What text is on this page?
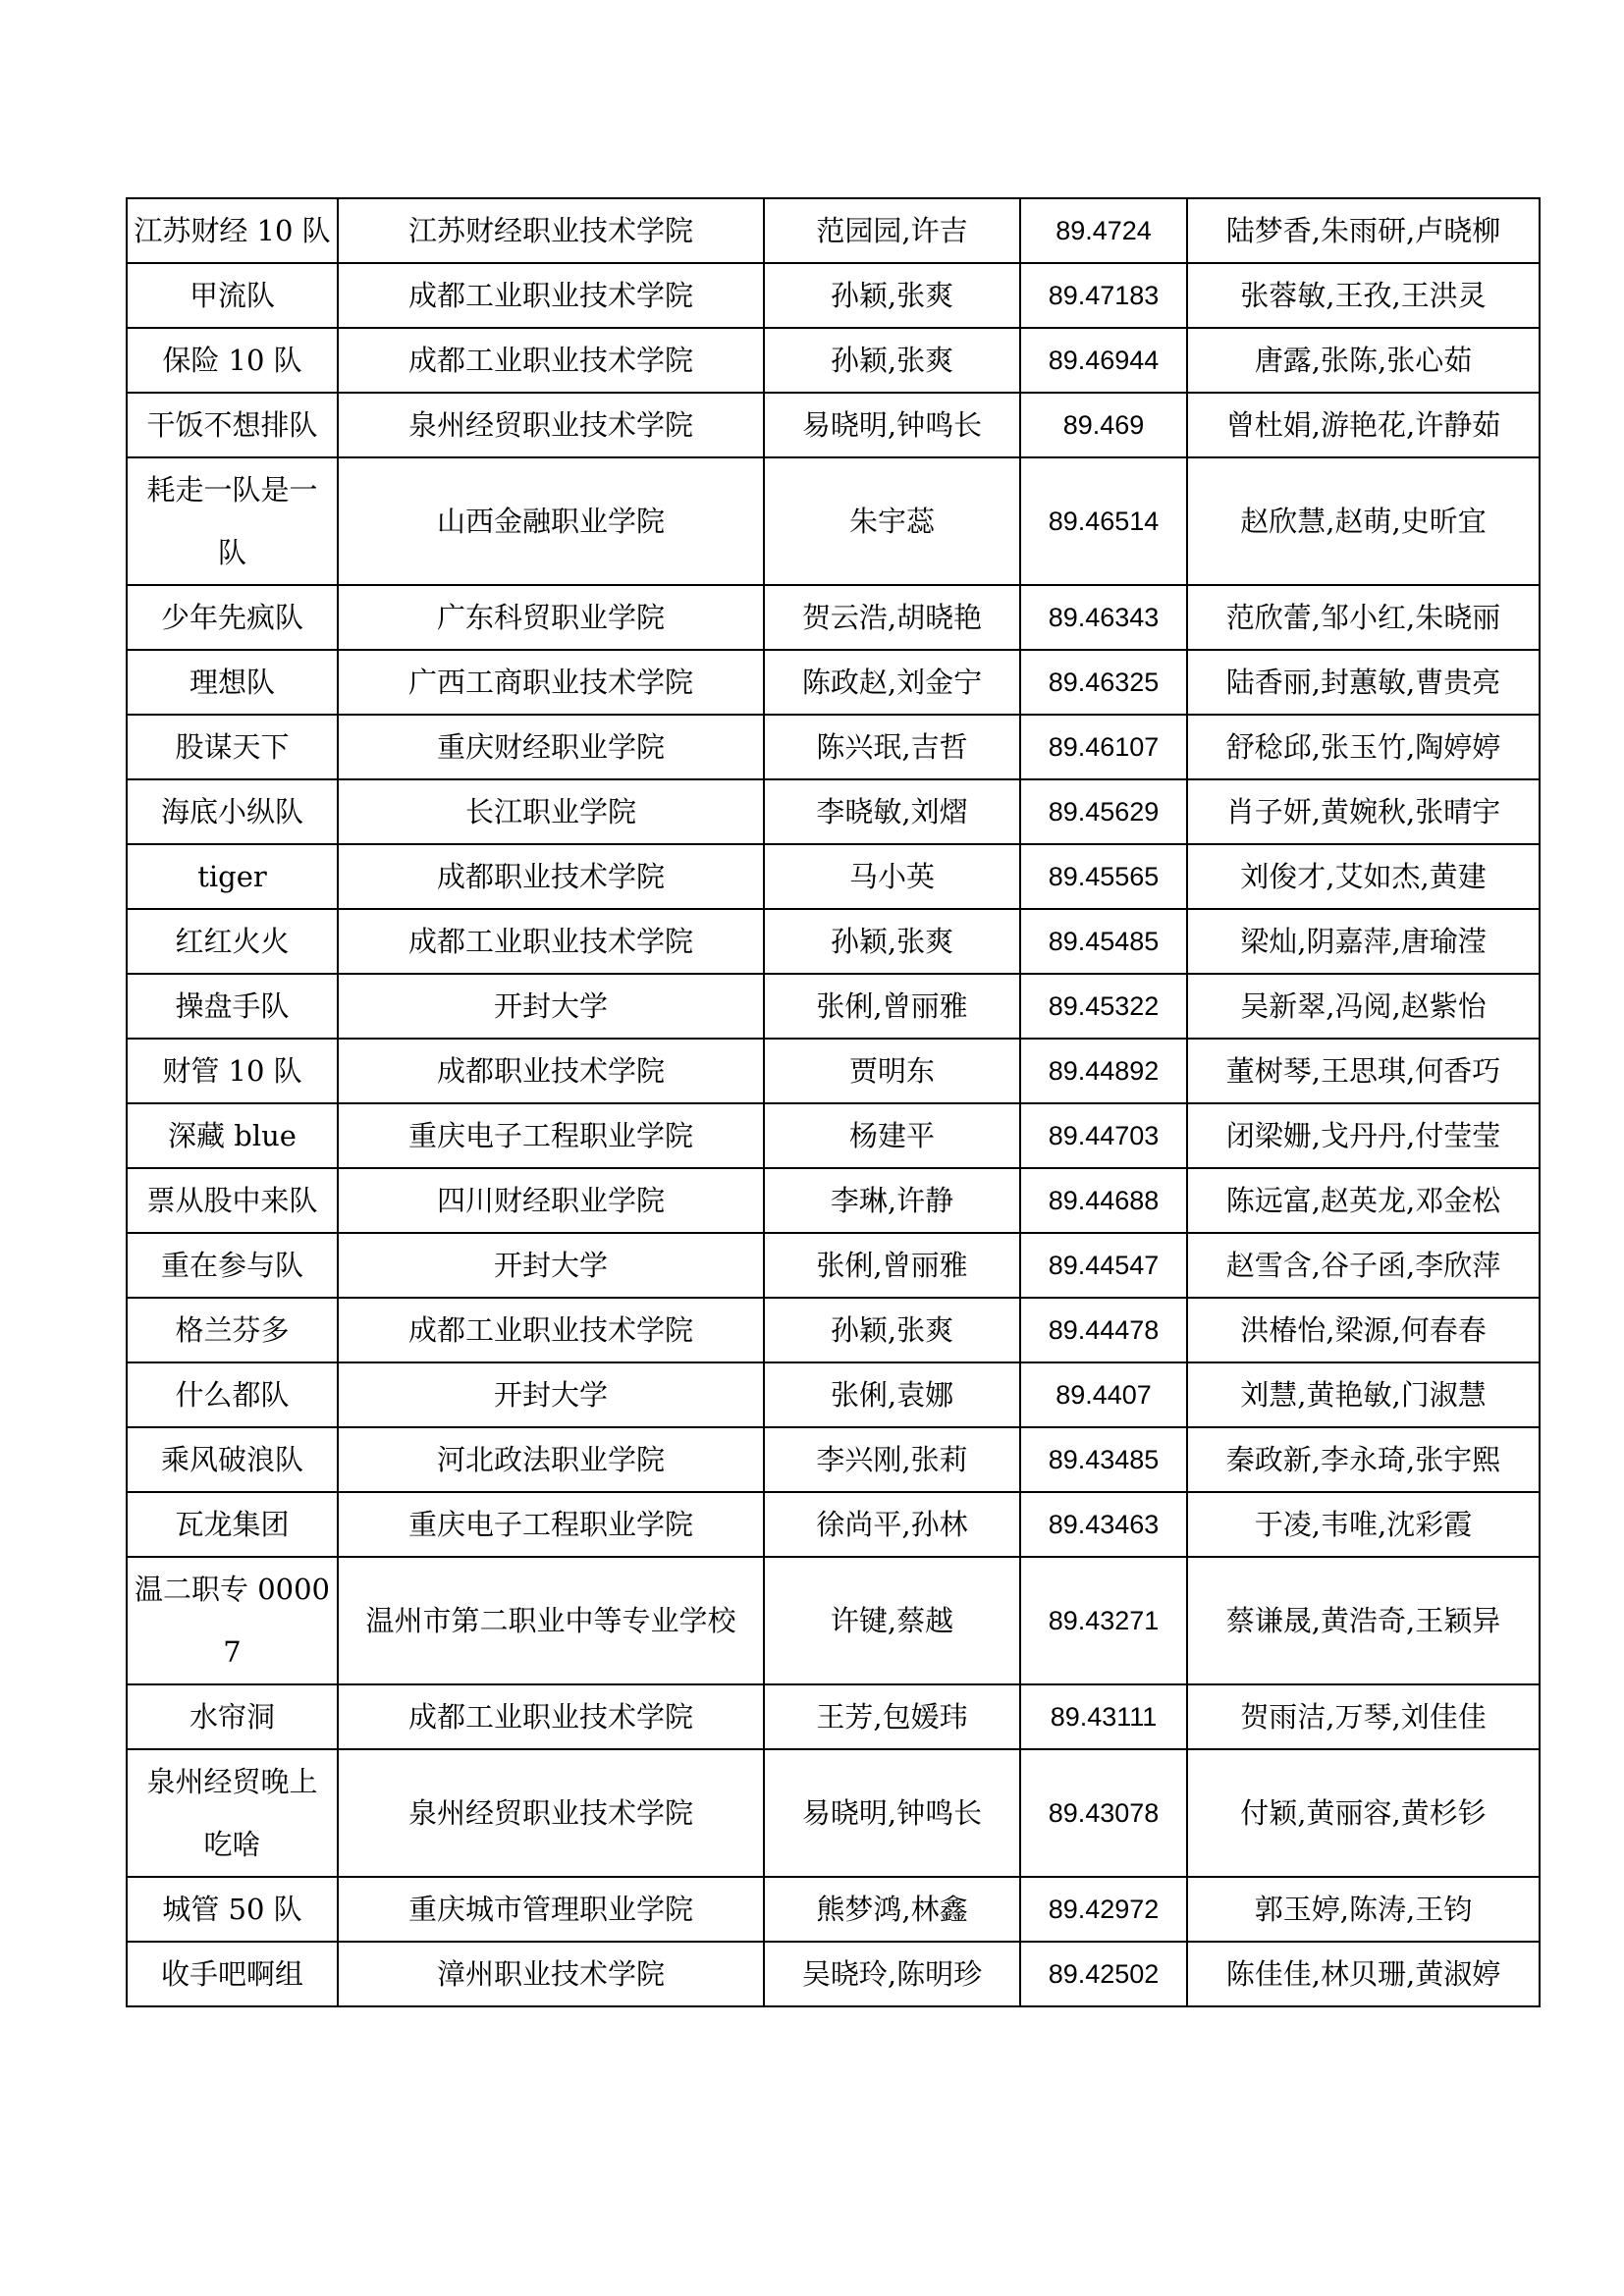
江苏财经 10 队	江苏财经职业技术学院	范园园,许吉	89.4724	陆梦香,朱雨研,卢晓柳
甲流队	成都工业职业技术学院	孙颖,张爽	89.47183	张蓉敏,王孜,王洪灵
保险 10 队	成都工业职业技术学院	孙颖,张爽	89.46944	唐露,张陈,张心茹
干饭不想排队	泉州经贸职业技术学院	易晓明,钟鸣长	89.469	曾杜娟,游艳花,许静茹
耗走一队是一队	山西金融职业学院	朱宇蕊	89.46514	赵欣慧,赵萌,史昕宜
少年先疯队	广东科贸职业学院	贺云浩,胡晓艳	89.46343	范欣蕾,邹小红,朱晓丽
理想队	广西工商职业技术学院	陈政赵,刘金宁	89.46325	陆香丽,封蕙敏,曹贵亮
股谋天下	重庆财经职业学院	陈兴珉,吉哲	89.46107	舒稔邱,张玉竹,陶婷婷
海底小纵队	长江职业学院	李晓敏,刘熠	89.45629	肖子妍,黄婉秋,张晴宇
tiger	成都职业技术学院	马小英	89.45565	刘俊才,艾如杰,黄建
红红火火	成都工业职业技术学院	孙颖,张爽	89.45485	梁灿,阴嘉萍,唐瑜滢
操盘手队	开封大学	张俐,曾丽雅	89.45322	吴新翠,冯阅,赵紫怡
财管 10 队	成都职业技术学院	贾明东	89.44892	董树琴,王思琪,何香巧
深藏 blue	重庆电子工程职业学院	杨建平	89.44703	闭梁姗,戈丹丹,付莹莹
票从股中来队	四川财经职业学院	李琳,许静	89.44688	陈远富,赵英龙,邓金松
重在参与队	开封大学	张俐,曾丽雅	89.44547	赵雪含,谷子函,李欣萍
格兰芬多	成都工业职业技术学院	孙颖,张爽	89.44478	洪椿怡,梁源,何春春
什么都队	开封大学	张俐,袁娜	89.4407	刘慧,黄艳敏,门淑慧
乘风破浪队	河北政法职业学院	李兴刚,张莉	89.43485	秦政新,李永琦,张宇熙
瓦龙集团	重庆电子工程职业学院	徐尚平,孙林	89.43463	于凌,韦唯,沈彩霞
温二职专 00007	温州市第二职业中等专业学校	许键,蔡越	89.43271	蔡谦晟,黄浩奇,王颖异
水帘洞	成都工业职业技术学院	王芳,包媛玮	89.43111	贺雨洁,万琴,刘佳佳
泉州经贸晚上吃啥	泉州经贸职业技术学院	易晓明,钟鸣长	89.43078	付颖,黄丽容,黄杉钐
城管 50 队	重庆城市管理职业学院	熊梦鸿,林鑫	89.42972	郭玉婷,陈涛,王钧
收手吧啊组	漳州职业技术学院	吴晓玲,陈明珍	89.42502	陈佳佳,林贝珊,黄淑婷
